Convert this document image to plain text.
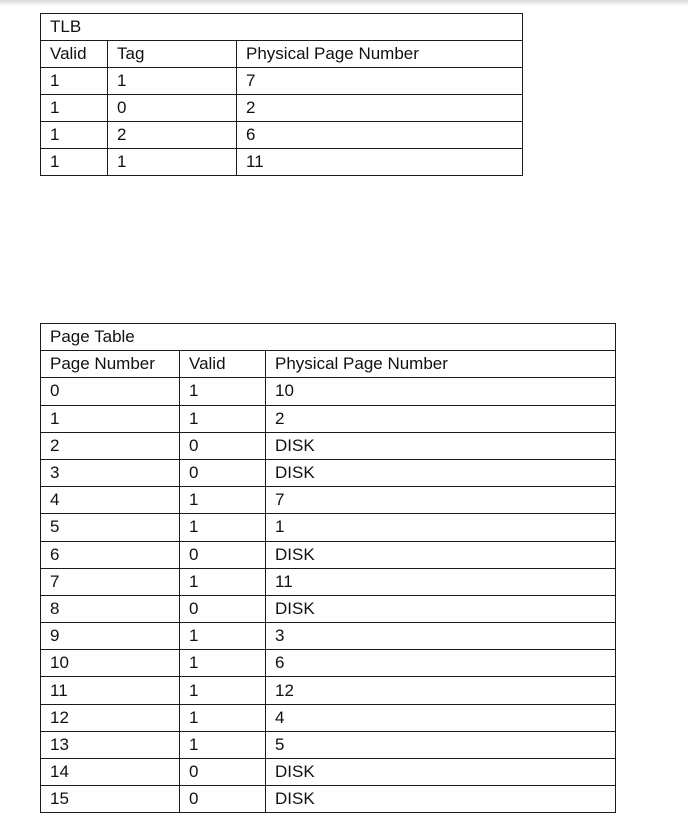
TLB		
Valid	Tag	Physical Page Number
1	1	7
1	0	2
1	2	6
1	1	11
Page Table		
Page Number	Valid	Physical Page Number
0	1	10
1	1	2
2	0	DISK
3	0	DISK
4	1	7
5	1	1
6	0	DISK
7	1	11
8	0	DISK
9	1	3
10	1	6
11	1	12
12	1	4
13	1	5
14	0	DISK
15	0	DISK
